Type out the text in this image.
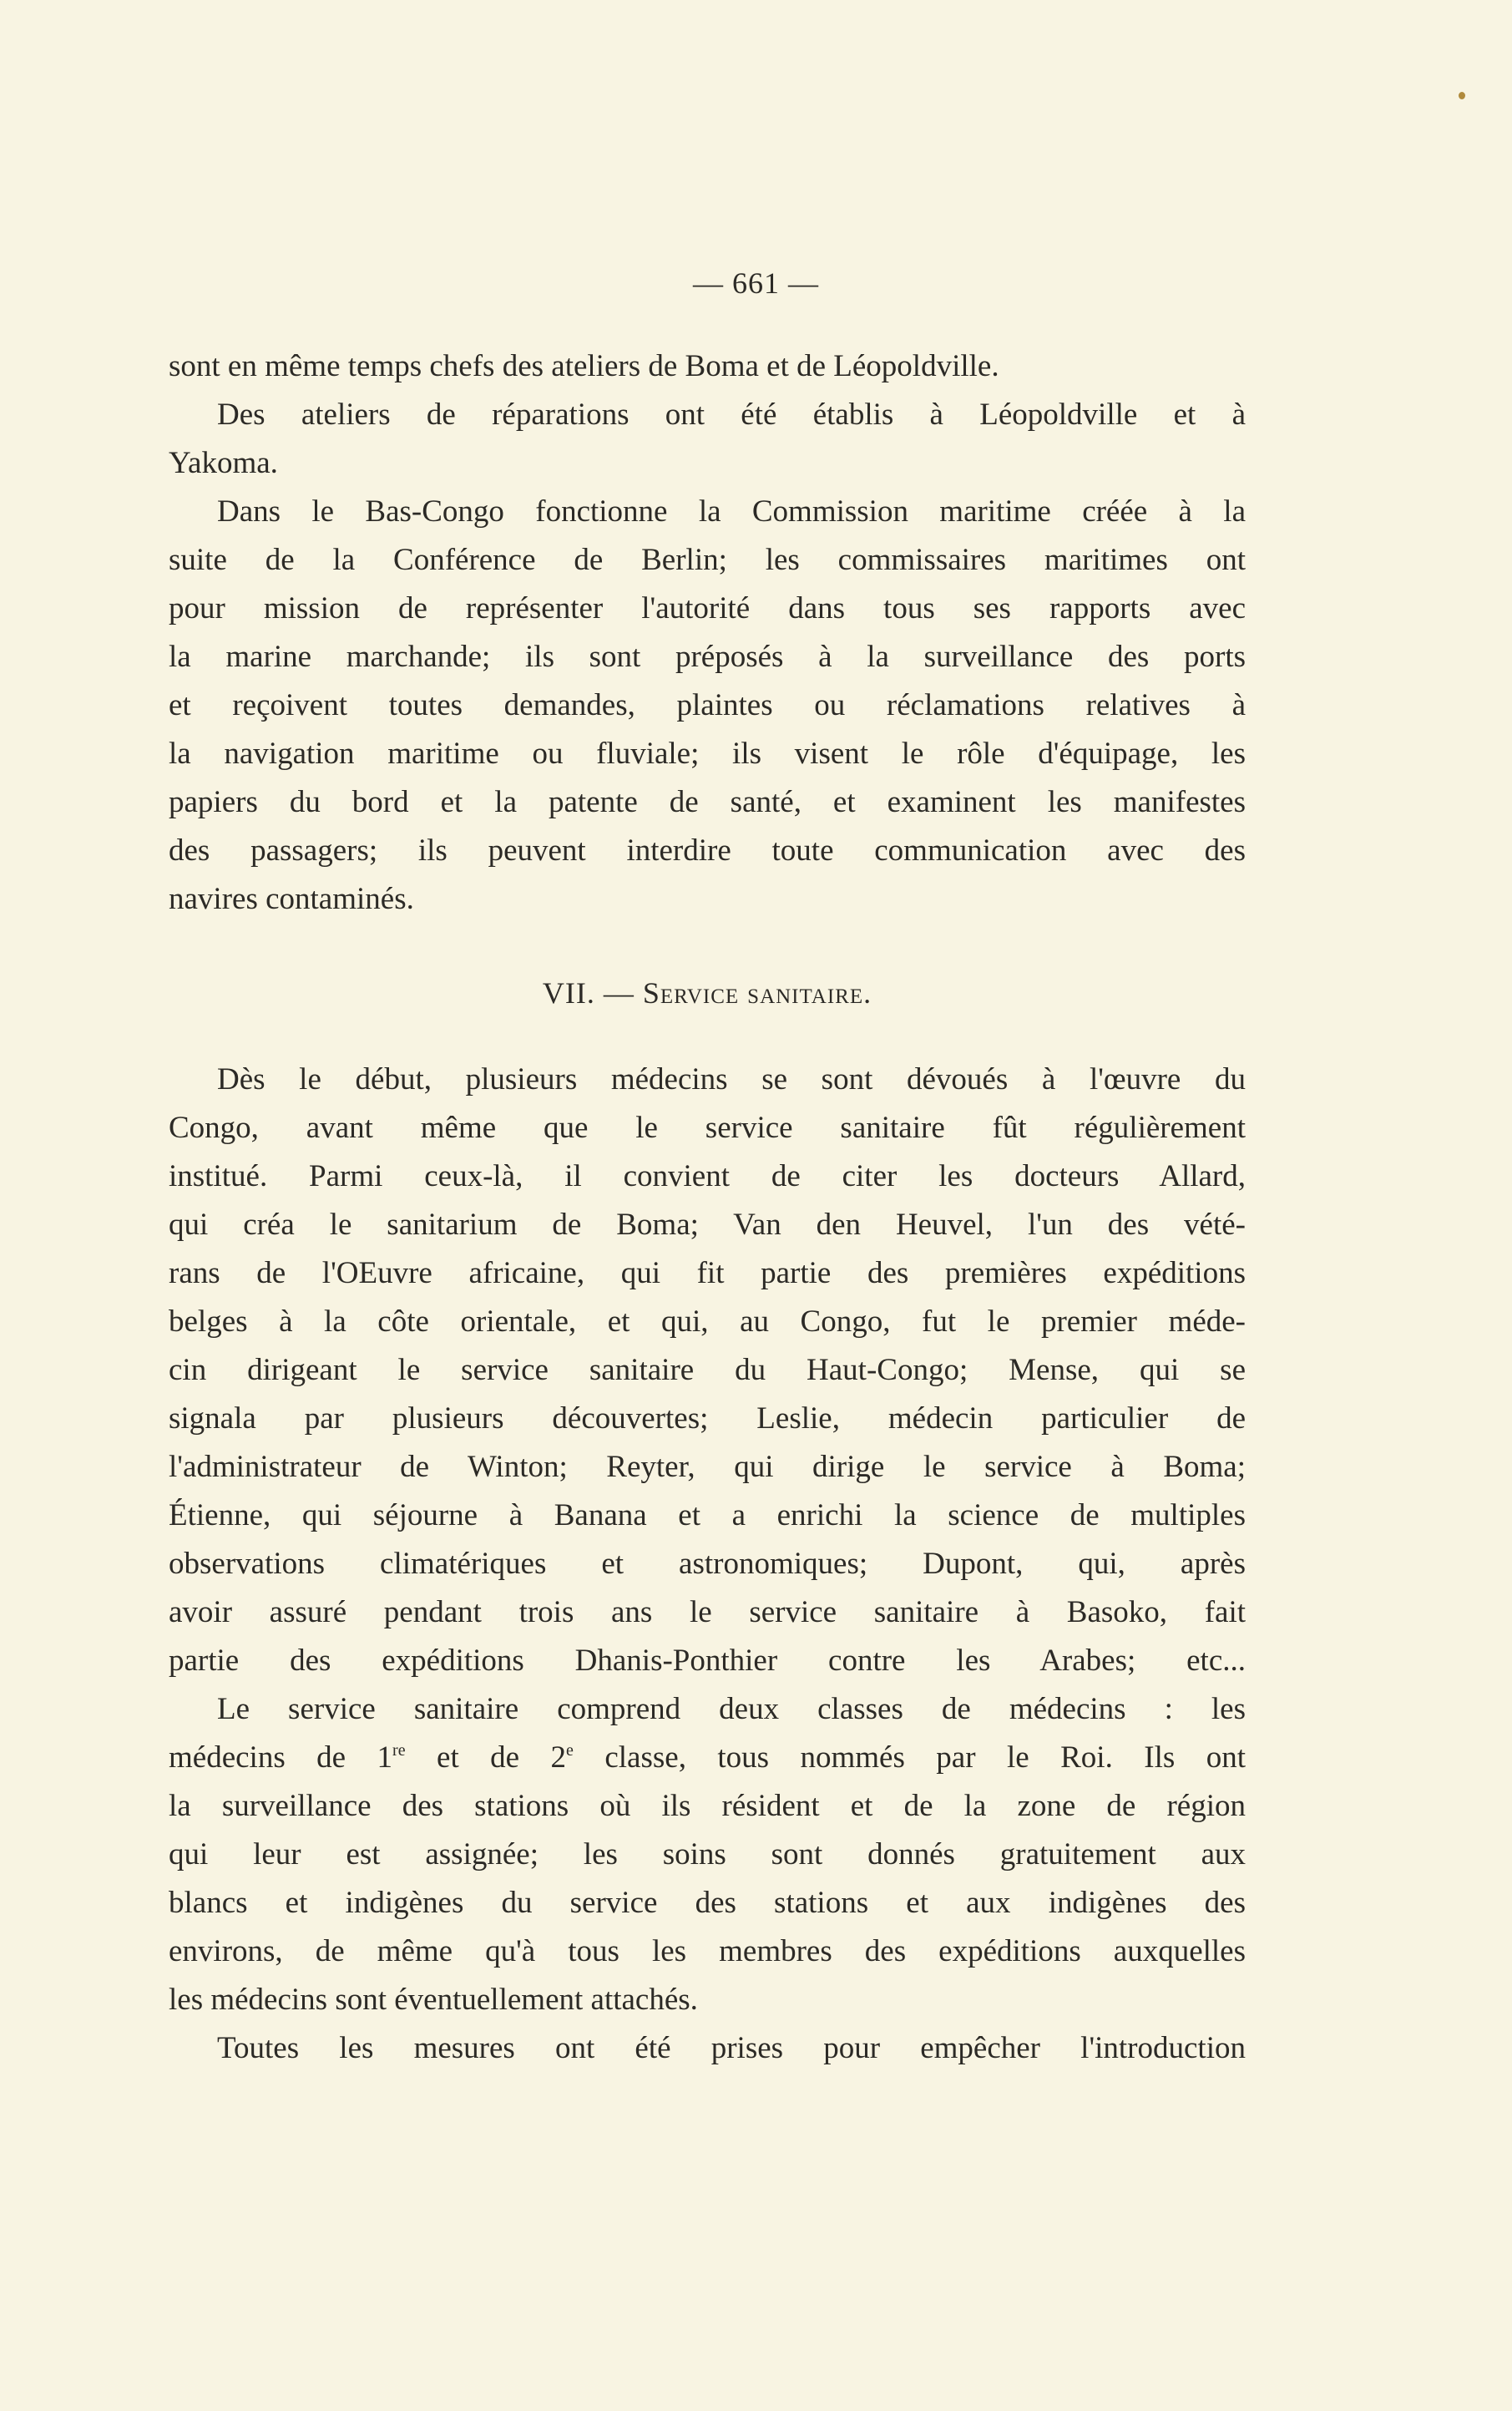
— 661 —
sont en même temps chefs des ateliers de Boma et de Léopoldville.
Des ateliers de réparations ont été établis à Léopoldville et à
Yakoma.
Dans le Bas-Congo fonctionne la Commission maritime créée à la
suite de la Conférence de Berlin; les commissaires maritimes ont
pour mission de représenter l'autorité dans tous ses rapports avec
la marine marchande; ils sont préposés à la surveillance des ports
et reçoivent toutes demandes, plaintes ou réclamations relatives à
la navigation maritime ou fluviale; ils visent le rôle d'équipage, les
papiers du bord et la patente de santé, et examinent les manifestes
des passagers; ils peuvent interdire toute communication avec des
navires contaminés.
VII. — Service sanitaire.
Dès le début, plusieurs médecins se sont dévoués à l'œuvre du
Congo, avant même que le service sanitaire fût régulièrement
institué. Parmi ceux-là, il convient de citer les docteurs Allard,
qui créa le sanitarium de Boma; Van den Heuvel, l'un des vété-
rans de l'OEuvre africaine, qui fit partie des premières expéditions
belges à la côte orientale, et qui, au Congo, fut le premier méde-
cin dirigeant le service sanitaire du Haut-Congo; Mense, qui se
signala par plusieurs découvertes; Leslie, médecin particulier de
l'administrateur de Winton; Reyter, qui dirige le service à Boma;
Étienne, qui séjourne à Banana et a enrichi la science de multiples
observations climatériques et astronomiques; Dupont, qui, après
avoir assuré pendant trois ans le service sanitaire à Basoko, fait
partie des expéditions Dhanis-Ponthier contre les Arabes; etc...
Le service sanitaire comprend deux classes de médecins : les
médecins de 1re et de 2e classe, tous nommés par le Roi. Ils ont
la surveillance des stations où ils résident et de la zone de région
qui leur est assignée; les soins sont donnés gratuitement aux
blancs et indigènes du service des stations et aux indigènes des
environs, de même qu'à tous les membres des expéditions auxquelles
les médecins sont éventuellement attachés.
Toutes les mesures ont été prises pour empêcher l'introduction
